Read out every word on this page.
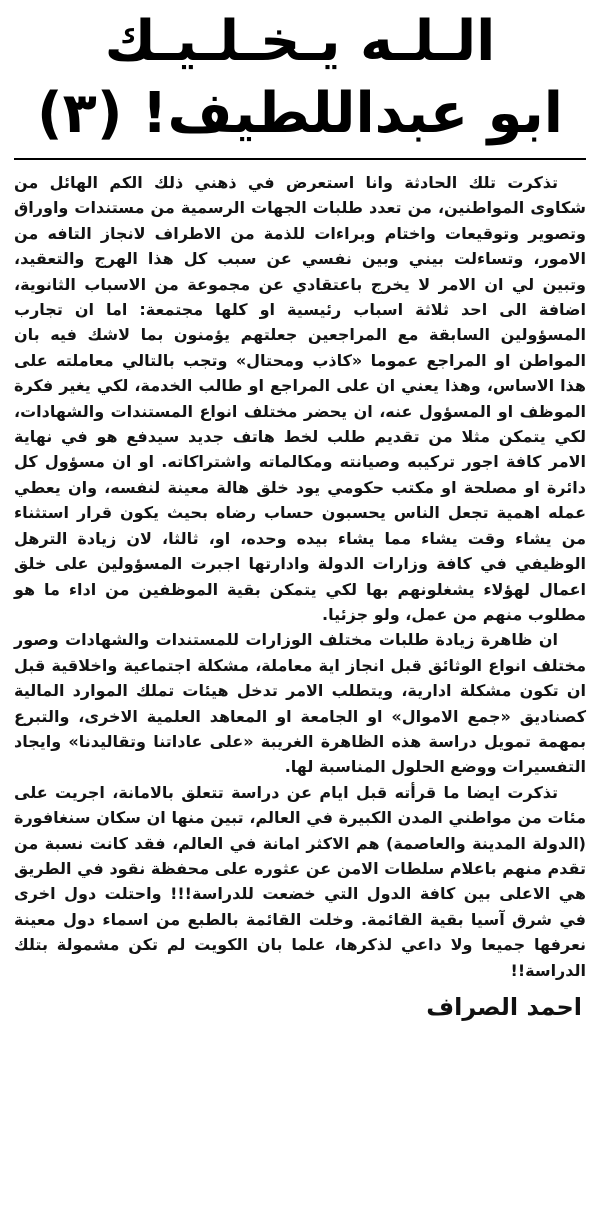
الـلـه يـخـلـيـك
ابو عبداللطيف! (٣)

تذكرت تلك الحادثة وانا استعرض في ذهني ذلك الكم الهائل من شكاوى المواطنين، من تعدد طلبات الجهات الرسمية من مستندات واوراق وتصوير وتوقيعات واختام وبراءات للذمة من الاطراف لانجاز التافه من الامور، وتساءلت بيني وبين نفسي عن سبب كل هذا الهرج والتعقيد، وتبين لي ان الامر لا يخرج باعتقادي عن مجموعة من الاسباب الثانوية، اضافة الى احد ثلاثة اسباب رئيسية او كلها مجتمعة: اما ان تجارب المسؤولين السابقة مع المراجعين جعلتهم يؤمنون بما لاشك فيه بان المواطن او المراجع عموما «كاذب ومحتال» وتجب بالتالي معاملته على هذا الاساس، وهذا يعني ان على المراجع او طالب الخدمة، لكي يغير فكرة الموظف او المسؤول عنه، ان يحضر مختلف انواع المستندات والشهادات، لكي يتمكن مثلا من تقديم طلب لخط هاتف جديد سيدفع هو في نهاية الامر كافة اجور تركيبه وصيانته ومكالماته واشتراكاته. او ان مسؤول كل دائرة او مصلحة او مكتب حكومي يود خلق هالة معينة لنفسه، وان يعطي عمله اهمية تجعل الناس يحسبون حساب رضاه بحيث يكون قرار استثناء من يشاء وقت يشاء مما يشاء بيده وحده، او، ثالثا، لان زيادة الترهل الوظيفي في كافة وزارات الدولة وادارتها اجبرت المسؤولين على خلق اعمال لهؤلاء يشغلونهم بها لكي يتمكن بقية الموظفين من اداء ما هو مطلوب منهم من عمل، ولو جزئيا.

ان ظاهرة زيادة طلبات مختلف الوزارات للمستندات والشهادات وصور مختلف انواع الوثائق قبل انجاز اية معاملة، مشكلة اجتماعية واخلاقية قبل ان تكون مشكلة ادارية، ويتطلب الامر تدخل هيئات تملك الموارد المالية كصناديق «جمع الاموال» او الجامعة او المعاهد العلمية الاخرى، والتبرع بمهمة تمويل دراسة هذه الظاهرة الغريبة «على عاداتنا وتقاليدنا» وايجاد التفسيرات ووضع الحلول المناسبة لها.

تذكرت ايضا ما قرأته قبل ايام عن دراسة تتعلق بالامانة، اجريت على مئات من مواطني المدن الكبيرة في العالم، تبين منها ان سكان سنغافورة (الدولة المدينة والعاصمة) هم الاكثر امانة في العالم، فقد كانت نسبة من تقدم منهم باعلام سلطات الامن عن عثوره على محفظة نقود في الطريق هي الاعلى بين كافة الدول التي خضعت للدراسة!!! واحتلت دول اخرى في شرق آسيا بقية القائمة. وخلت القائمة بالطبع من اسماء دول معينة نعرفها جميعا ولا داعي لذكرها، علما بان الكويت لم تكن مشمولة بتلك الدراسة!!

احمد الصراف
